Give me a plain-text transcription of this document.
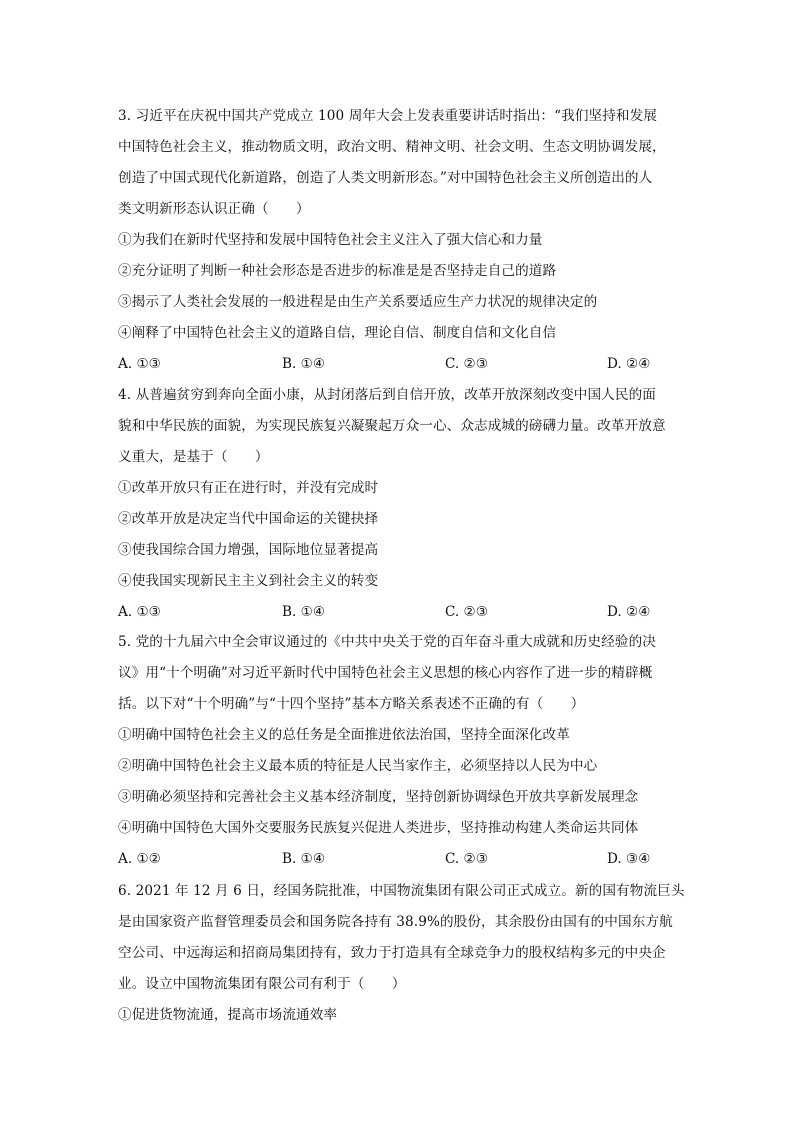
3. 习近平在庆祝中国共产党成立 100 周年大会上发表重要讲话时指出：“我们坚持和发展
中国特色社会主义，推动物质文明，政治文明、精神文明、社会文明、生态文明协调发展，
创造了中国式现代化新道路，创造了人类文明新形态。”对中国特色社会主义所创造出的人
类文明新形态认识正确（　　）
①为我们在新时代坚持和发展中国特色社会主义注入了强大信心和力量
②充分证明了判断一种社会形态是否进步的标准是是否坚持走自己的道路
③揭示了人类社会发展的一般进程是由生产关系要适应生产力状况的规律决定的
④阐释了中国特色社会主义的道路自信，理论自信、制度自信和文化自信
A. ①③	B. ①④	C. ②③	D. ②④
4. 从普遍贫穷到奔向全面小康，从封闭落后到自信开放，改革开放深刻改变中国人民的面
貌和中华民族的面貌，为实现民族复兴凝聚起万众一心、众志成城的磅礴力量。改革开放意
义重大，是基于（　　）
①改革开放只有正在进行时，并没有完成时
②改革开放是决定当代中国命运的关键抉择
③使我国综合国力增强，国际地位显著提高
④使我国实现新民主主义到社会主义的转变
A. ①③	B. ①④	C. ②③	D. ②④
5. 党的十九届六中全会审议通过的《中共中央关于党的百年奋斗重大成就和历史经验的决
议》用“十个明确”对习近平新时代中国特色社会主义思想的核心内容作了进一步的精辟概
括。以下对“十个明确”与“十四个坚持”基本方略关系表述不正确的有（　　）
①明确中国特色社会主义的总任务是全面推进依法治国，坚持全面深化改革
②明确中国特色社会主义最本质的特征是人民当家作主，必须坚持以人民为中心
③明确必须坚持和完善社会主义基本经济制度，坚持创新协调绿色开放共享新发展理念
④明确中国特色大国外交要服务民族复兴促进人类进步，坚持推动构建人类命运共同体
A. ①②	B. ①④	C. ②③	D. ③④
6. 2021 年 12 月 6 日，经国务院批准，中国物流集团有限公司正式成立。新的国有物流巨头
是由国家资产监督管理委员会和国务院各持有 38.9%的股份，其余股份由国有的中国东方航
空公司、中远海运和招商局集团持有，致力于打造具有全球竞争力的股权结构多元的中央企
业。设立中国物流集团有限公司有利于（　　）
①促进货物流通，提高市场流通效率
